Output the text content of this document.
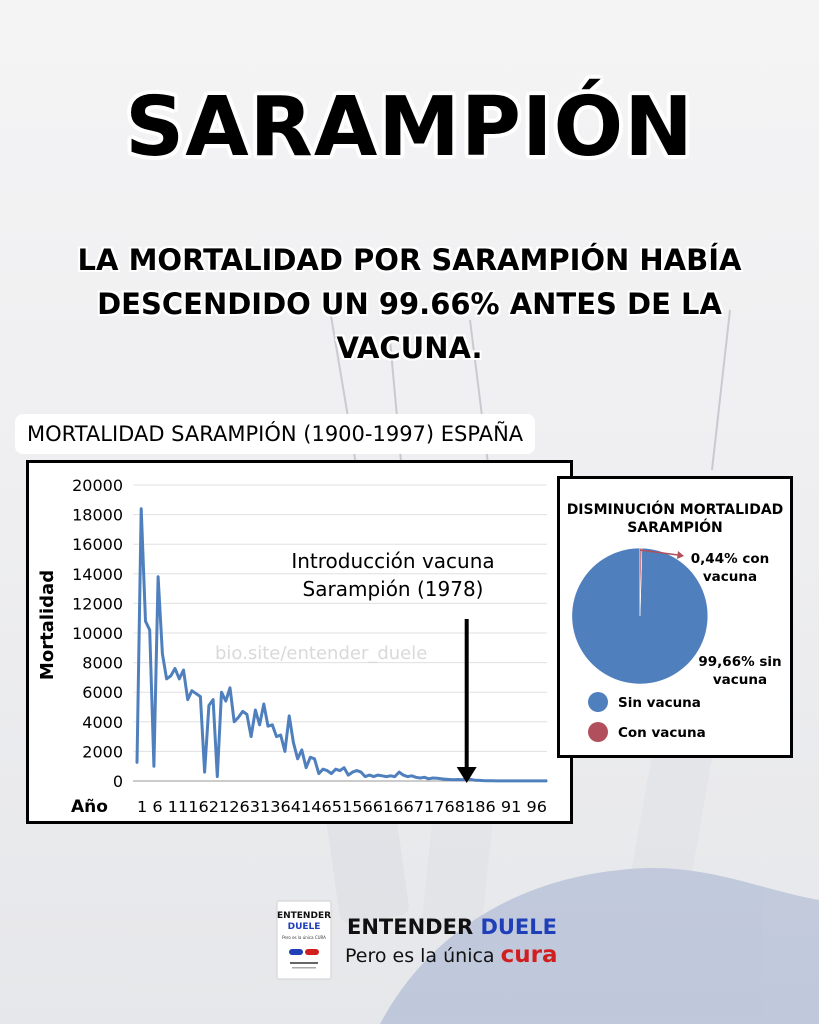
SARAMPIÓN
LA MORTALIDAD POR SARAMPIÓN HABÍA
DESCENDIDO UN 99.66% ANTES DE LA
VACUNA.
MORTALIDAD SARAMPIÓN (1900-1997) ESPAÑA
0
2000
4000
6000
8000
10000
12000
14000
16000
18000
20000
Mortalidad
Año 1 6 11162126313641465156616671768186 91 96
bio.site/entender_duele
Introducción vacuna
Sarampión (1978)
DISMINUCIÓN MORTALIDAD
SARAMPIÓN
0,44% con
vacuna
99,66% sin
vacuna
Sin vacuna
Con vacuna
ENTENDER
DUELE
Pero es la única CURA ENTENDER DUELE
Pero es la única cura
